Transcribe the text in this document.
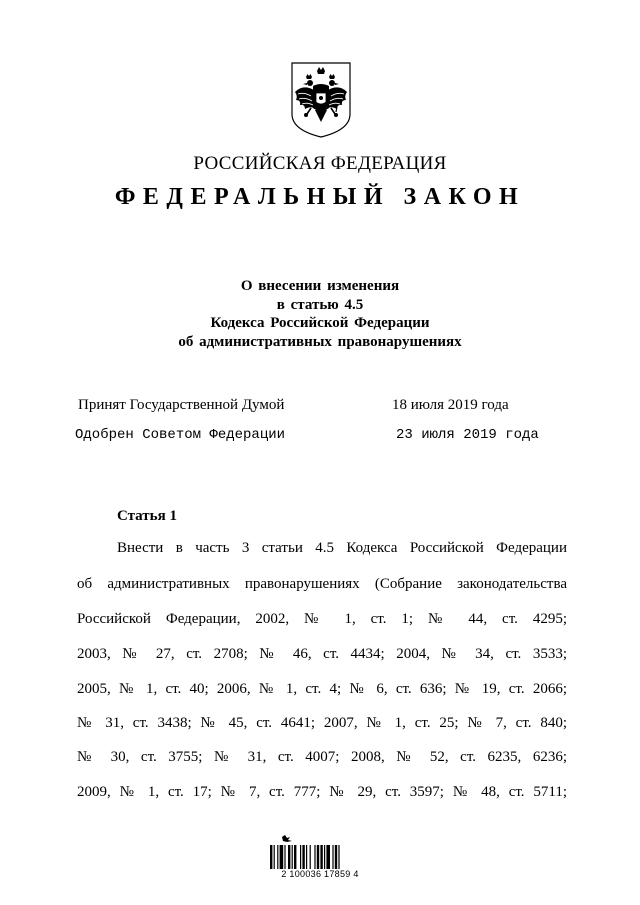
РОССИЙСКАЯ ФЕДЕРАЦИЯ
ФЕДЕРАЛЬНЫЙ ЗАКОН
О внесении изменения
в статью 4.5
Кодекса Российской Федерации
об административных правонарушениях
Принят Государственной Думой	18 июля 2019 года
Одобрен Советом Федерации	23 июля 2019 года
Статья 1
Внести в часть 3 статьи 4.5 Кодекса Российской Федерации
об административных правонарушениях (Собрание законодательства
Российской Федерации, 2002, № 1, ст. 1; № 44, ст. 4295;
2003, № 27, ст. 2708; № 46, ст. 4434; 2004, № 34, ст. 3533;
2005, № 1, ст. 40; 2006, № 1, ст. 4; № 6, ст. 636; № 19, ст. 2066;
№ 31, ст. 3438; № 45, ст. 4641; 2007, № 1, ст. 25; № 7, ст. 840;
№ 30, ст. 3755; № 31, ст. 4007; 2008, № 52, ст. 6235, 6236;
2009, № 1, ст. 17; № 7, ст. 777; № 29, ст. 3597; № 48, ст. 5711;
2 100036 17859 4
